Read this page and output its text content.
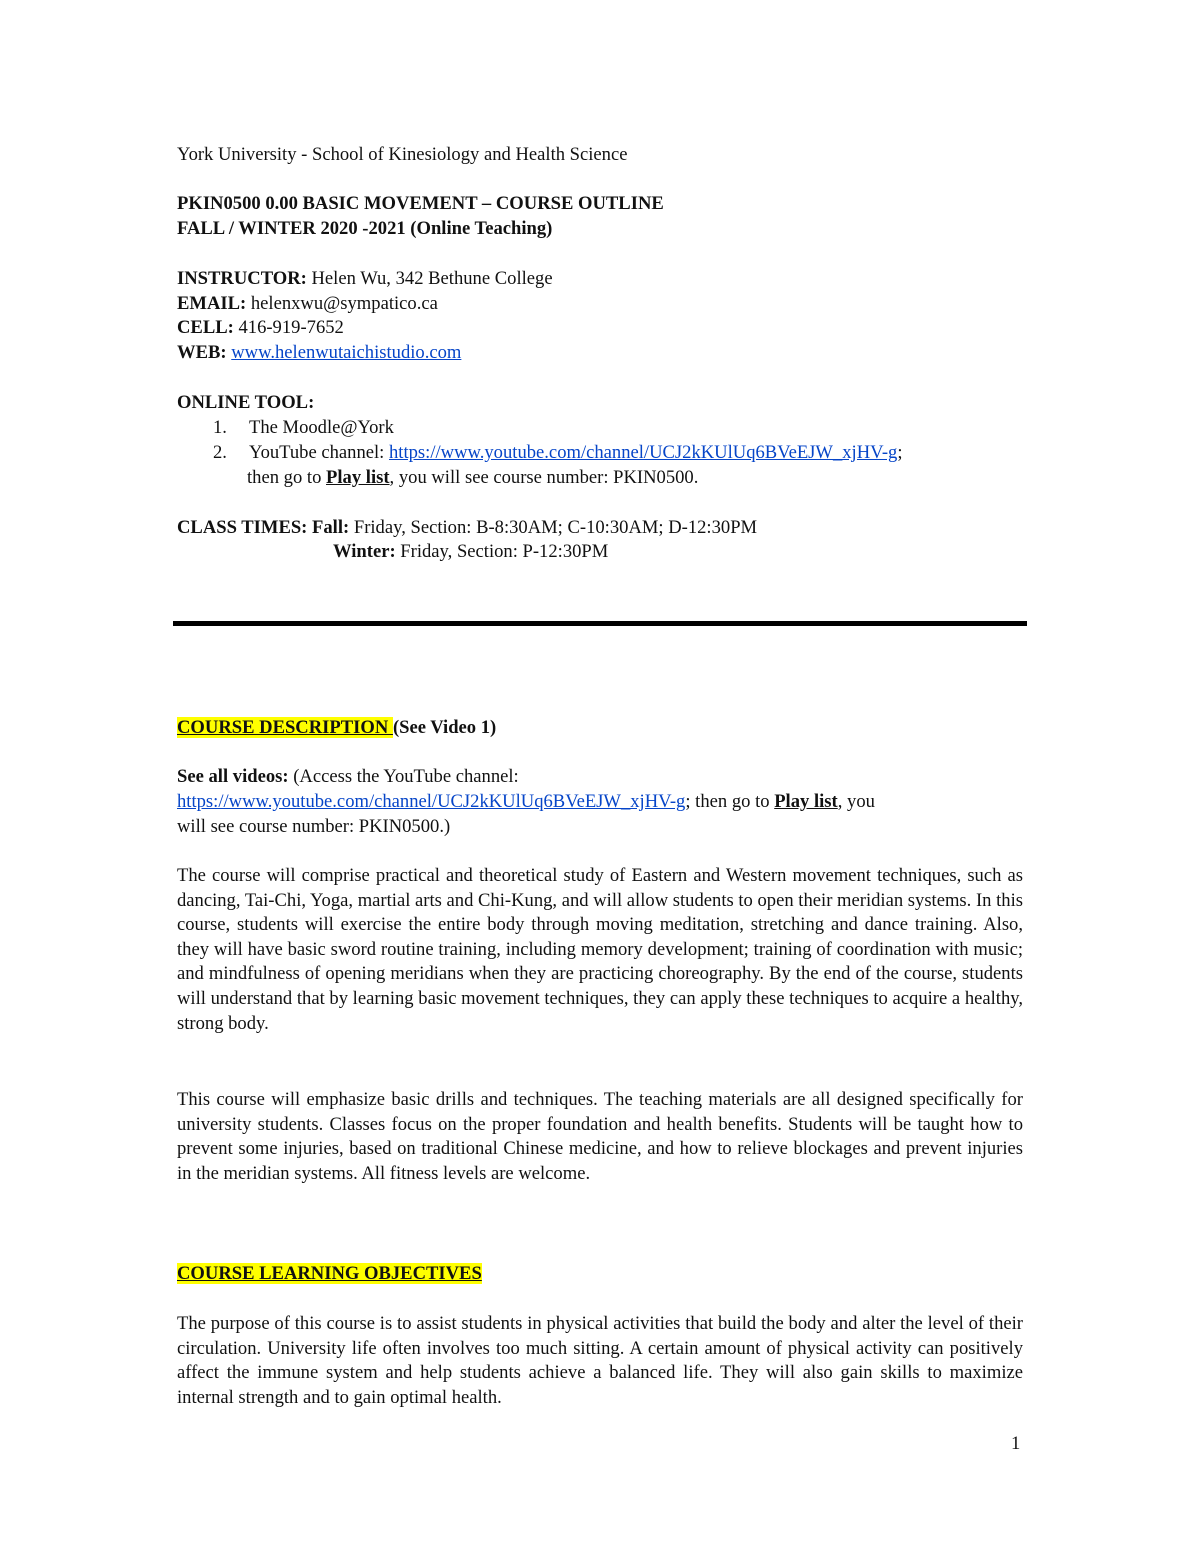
York University - School of Kinesiology and Health Science

PKIN0500 0.00 BASIC MOVEMENT – COURSE OUTLINE

FALL / WINTER 2020 -2021 (Online Teaching)

INSTRUCTOR: Helen Wu, 342 Bethune College

EMAIL: helenxwu@sympatico.ca

CELL: 416-919-7652

WEB: www.helenwutaichistudio.com

ONLINE TOOL:

1. The Moodle@York

2. YouTube channel: https://www.youtube.com/channel/UCJ2kKUlUq6BVeEJW_xjHV-g;

then go to Play list, you will see course number: PKIN0500.

CLASS TIMES: Fall: Friday, Section: B-8:30AM; C-10:30AM; D-12:30PM

Winter: Friday, Section: P-12:30PM

COURSE DESCRIPTION (See Video 1)

See all videos: (Access the YouTube channel:

https://www.youtube.com/channel/UCJ2kKUlUq6BVeEJW_xjHV-g; then go to Play list, you

will see course number: PKIN0500.)

The course will comprise practical and theoretical study of Eastern and Western movement techniques, such as dancing, Tai-Chi, Yoga, martial arts and Chi-Kung, and will allow students to open their meridian systems. In this course, students will exercise the entire body through moving meditation, stretching and dance training. Also, they will have basic sword routine training, including memory development; training of coordination with music; and mindfulness of opening meridians when they are practicing choreography. By the end of the course, students will understand that by learning basic movement techniques, they can apply these techniques to acquire a healthy, strong body.

This course will emphasize basic drills and techniques. The teaching materials are all designed specifically for university students. Classes focus on the proper foundation and health benefits. Students will be taught how to prevent some injuries, based on traditional Chinese medicine, and how to relieve blockages and prevent injuries in the meridian systems. All fitness levels are welcome.

COURSE LEARNING OBJECTIVES

The purpose of this course is to assist students in physical activities that build the body and alter the level of their circulation. University life often involves too much sitting. A certain amount of physical activity can positively affect the immune system and help students achieve a balanced life. They will also gain skills to maximize internal strength and to gain optimal health.

1
